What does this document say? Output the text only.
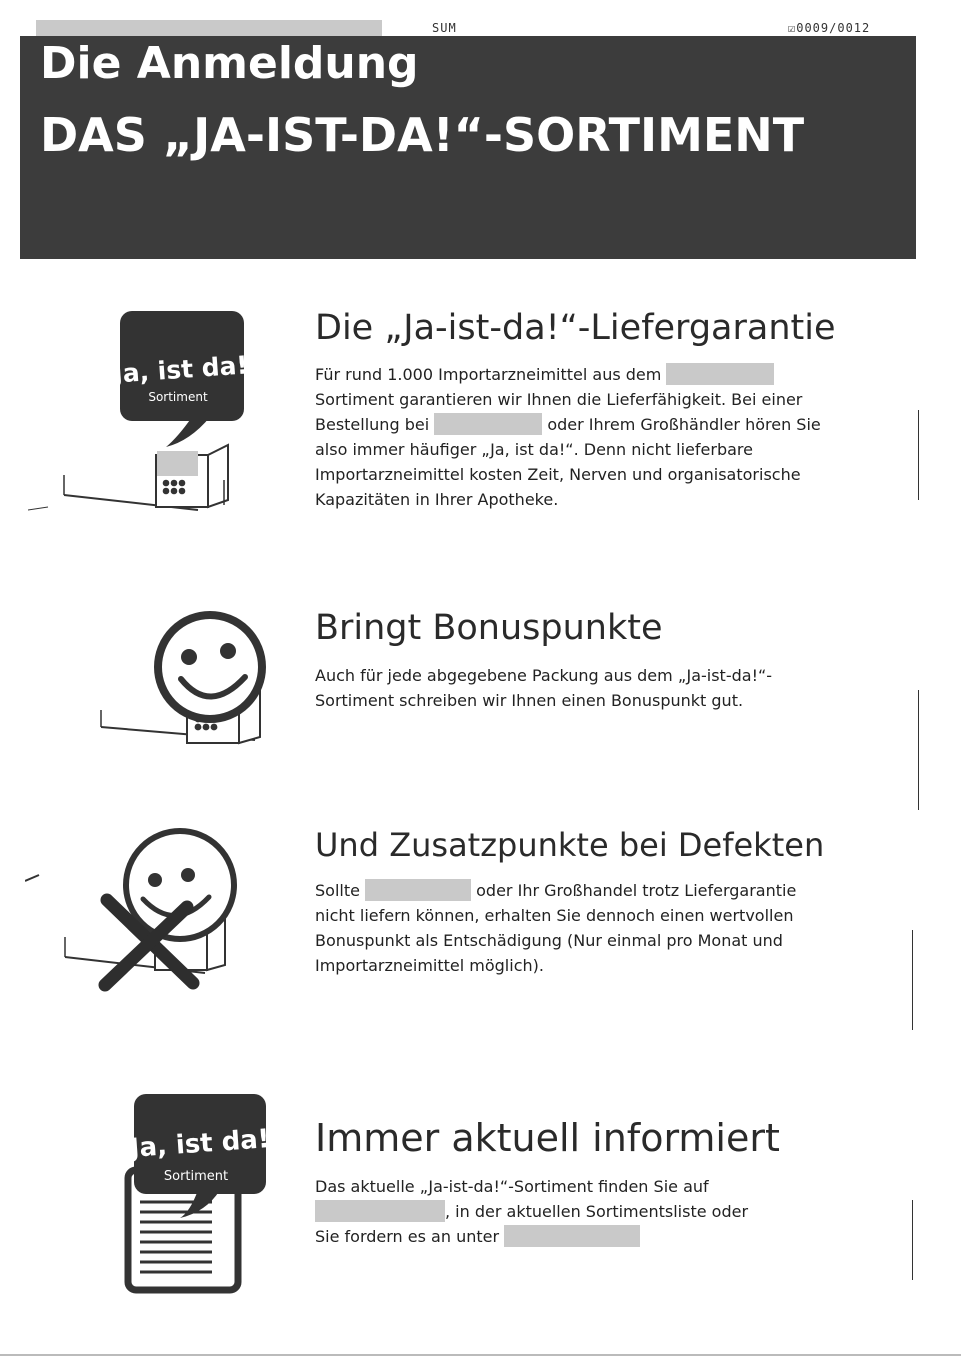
SUM	☑0009/0012
Die Anmeldung
DAS „JA-IST-DA!“-SORTIMENT
Ja, ist da!
Sortiment
Die „Ja-ist-da!“-Liefergarantie

Für rund 1.000 Importarzneimittel aus dem  Sortiment garantieren wir Ihnen die Lieferfähigkeit. Bei einer Bestellung bei	oder Ihrem Großhändler hören Sie also immer häufiger „Ja, ist da!“. Denn nicht lieferbare Importarzneimittel kosten Zeit, Nerven und organisatorische Kapazitäten in Ihrer Apotheke.

Bringt Bonuspunkte

Auch für jede abgegebene Packung aus dem „Ja-ist-da!“-Sortiment schreiben wir Ihnen einen Bonuspunkt gut.

Und Zusatzpunkte bei Defekten

Sollte	oder Ihr Großhandel trotz Liefergarantie nicht liefern können, erhalten Sie dennoch einen wertvollen Bonuspunkt als Entschädigung (Nur einmal pro Monat und Importarzneimittel möglich).

Ja, ist da!
Sortiment
Immer aktuell informiert

Das aktuelle „Ja-ist-da!“-Sortiment finden Sie auf
, in der aktuellen Sortimentsliste oder
Sie fordern es an unter
